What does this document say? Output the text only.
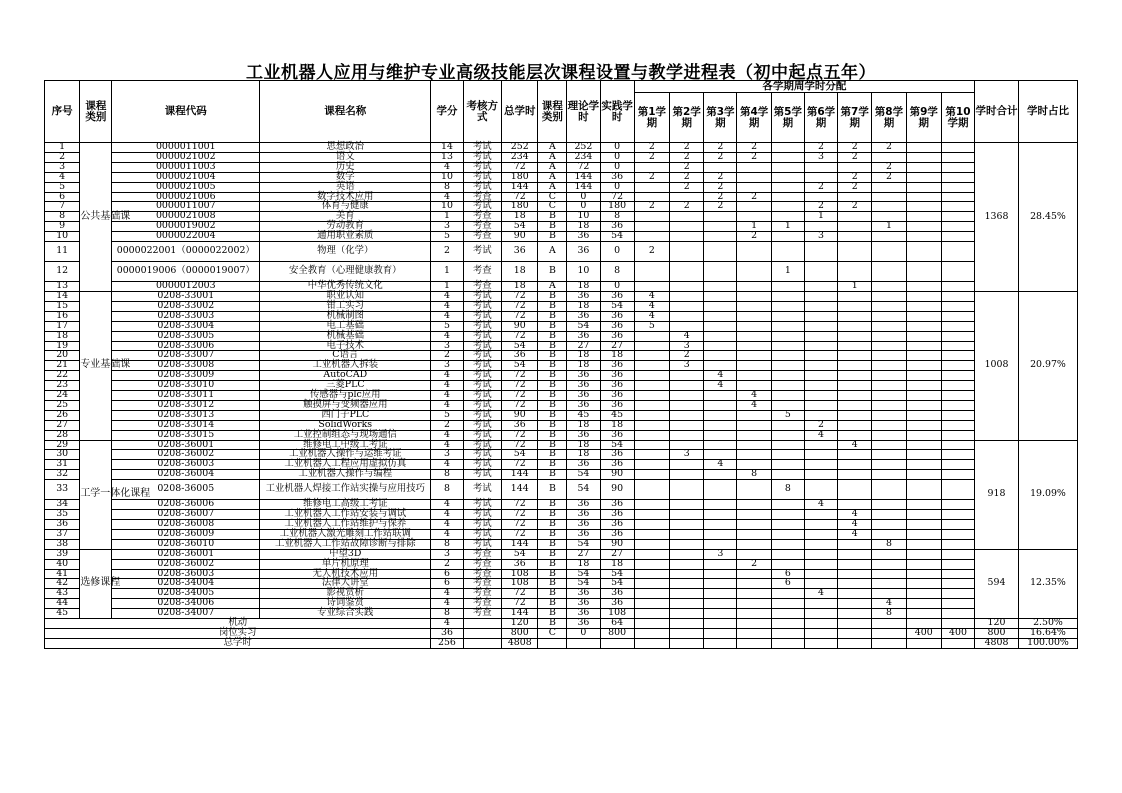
工业机器人应用与维护专业高级技能层次课程设置与教学进程表（初中起点五年）
序号	课程类别	课程代码	课程名称	学分	考核方式	总学时	课程类别	理论学时	实践学时	各学期周学时分配										学时合计	学时占比
										第1学期	第2学期	第3学期	第4学期	第5学期	第6学期	第7学期	第8学期	第9学期	第10学期		
1	公共基础课	0000011001	思想政治	14	考试	252	A	252	0	2	2	2	2		2	2	2			1368	28.45%
2		0000021002	语文	13	考试	234	A	234	0	2	2	2	2		3	2					
3		0000011003	历史	4	考试	72	A	72	0		2						2				
4		0000021004	数学	10	考试	180	A	144	36	2	2	2				2	2				
5		0000021005	英语	8	考试	144	A	144	0		2	2			2	2					
6		0000021006	数字技术应用	4	考查	72	C	0	72			2	2								
7		0000011007	体育与健康	10	考试	180	C	0	180	2	2	2			2	2					
8		0000021008	美育	1	考查	18	B	10	8						1						
9		0000019002	劳动教育	3	考查	54	B	18	36				1	1			1				
10		0000022004	通用职业素质	5	考查	90	B	36	54				2		3						
11		0000022001（0000022002）	物理（化学）	2	考试	36	A	36	0	2											
12		0000019006（0000019007）	安全教育（心理健康教育）	1	考查	18	B	10	8					1							
13		0000012003	中华优秀传统文化	1	考查	18	A	18	0							1					
14	专业基础课	0208-33001	职业认知	4	考试	72	B	36	36	4										1008	20.97%
15		0208-33002	钳工实习	4	考试	72	B	18	54	4											
16		0208-33003	机械制图	4	考试	72	B	36	36	4											
17		0208-33004	电工基础	5	考试	90	B	54	36	5											
18		0208-33005	机械基础	4	考试	72	B	36	36		4										
19		0208-33006	电子技术	3	考试	54	B	27	27		3										
20		0208-33007	C语言	2	考试	36	B	18	18		2										
21		0208-33008	工业机器人拆装	3	考试	54	B	18	36		3										
22		0208-33009	AutoCAD	4	考试	72	B	36	36			4									
23		0208-33010	三菱PLC	4	考试	72	B	36	36			4									
24		0208-33011	传感器与plc应用	4	考试	72	B	36	36				4								
25		0208-33012	触摸屏与变频器应用	4	考试	72	B	36	36				4								
26		0208-33013	西门子PLC	5	考试	90	B	45	45					5							
27		0208-33014	SolidWorks	2	考试	36	B	18	18						2						
28		0208-33015	工业控制组态与现场通信	4	考试	72	B	36	36						4						
29	工学一体化课程	0208-36001	维修电工中级工考证	4	考试	72	B	18	54							4				918	19.09%
30		0208-36002	工业机器人操作与运维考证	3	考试	54	B	18	36		3										
31		0208-36003	工业机器人工程应用虚拟仿真	4	考试	72	B	36	36			4									
32		0208-36004	工业机器人操作与编程	8	考试	144	B	54	90				8								
33		0208-36005	工业机器人焊接工作站实操与应用技巧	8	考试	144	B	54	90					8							
34		0208-36006	维修电工高级工考证	4	考试	72	B	36	36						4						
35		0208-36007	工业机器人工作站安装与调试	4	考试	72	B	36	36							4					
36		0208-36008	工业机器人工作站维护与保养	4	考试	72	B	36	36							4					
37		0208-36009	工业机器人激光雕刻工作站联调	4	考试	72	B	36	36							4					
38		0208-36010	工业机器人工作站故障诊断与排除	8	考试	144	B	54	90								8				
39	选修课程	0208-36001	中望3D	3	考查	54	B	27	27			3								594	12.35%
40		0208-36002	单片机原理	2	考查	36	B	18	18				2								
41		0208-36003	无人机技术应用	6	考查	108	B	54	54					6							
42		0208-34004	法律大讲堂	6	考查	108	B	54	54					6							
43		0208-34005	影视赏析	4	考查	72	B	36	36						4						
44		0208-34006	诗词鉴赏	4	考查	72	B	36	36								4				
45		0208-34007	专业综合实践	8	考查	144	B	36	108								8				
机动				4		120	B	36	64											120	2.50%
岗位实习				36		800	C	0	800									400	400	800	16.64%
总学时				256		4808														4808	100.00%
